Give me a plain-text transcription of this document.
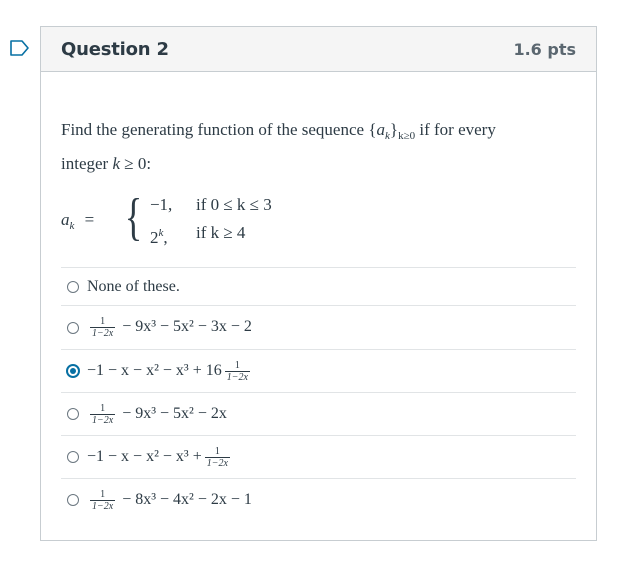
Question 2	1.6 pts

Find the generating function of the sequence $\{a_k\}_{k\ge 0}$ if for every
integer k ≥ 0:

$a_k$ = { −1,	if 0 ≤ k ≤ 3
2$^k$,	if k ≥ 4
None of these.
$\frac{1}{1-2x} - 9x^3 - 5x^2 - 3x - 2$
$-1 - x - x^2 - x^3 + 16 \frac{1}{1-2x}$
$\frac{1}{1-2x} - 9x^3 - 5x^2 - 2x$
$-1 - x - x^2 - x^3 + \frac{1}{1-2x}$
$\frac{1}{1-2x} - 8x^3 - 4x^2 - 2x - 1$
